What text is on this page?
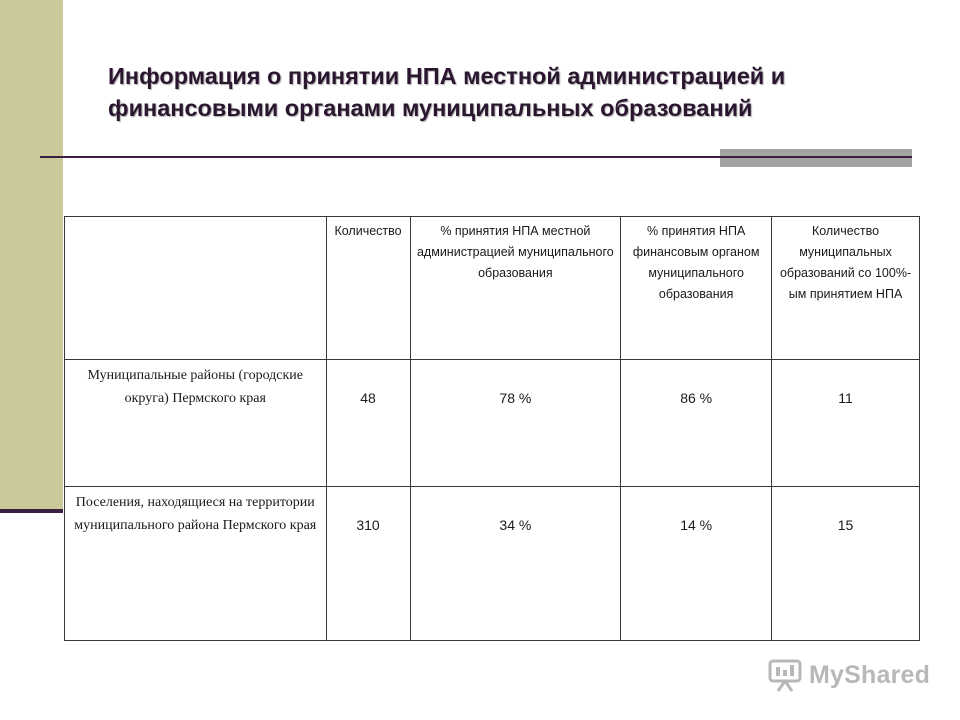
Информация о принятии НПА местной администрацией и
финансовыми органами муниципальных образований
	Количество	% принятия НПА местной администрацией муниципального образования	% принятия НПА финансовым органом муниципального образования	Количество муниципальных образований со 100%-ым принятием НПА
Муниципальные районы (городские округа) Пермского края	48	78 %	86 %	11
Поселения, находящиеся на территории муниципального района Пермского края	310	34 %	14 %	15
MyShared
